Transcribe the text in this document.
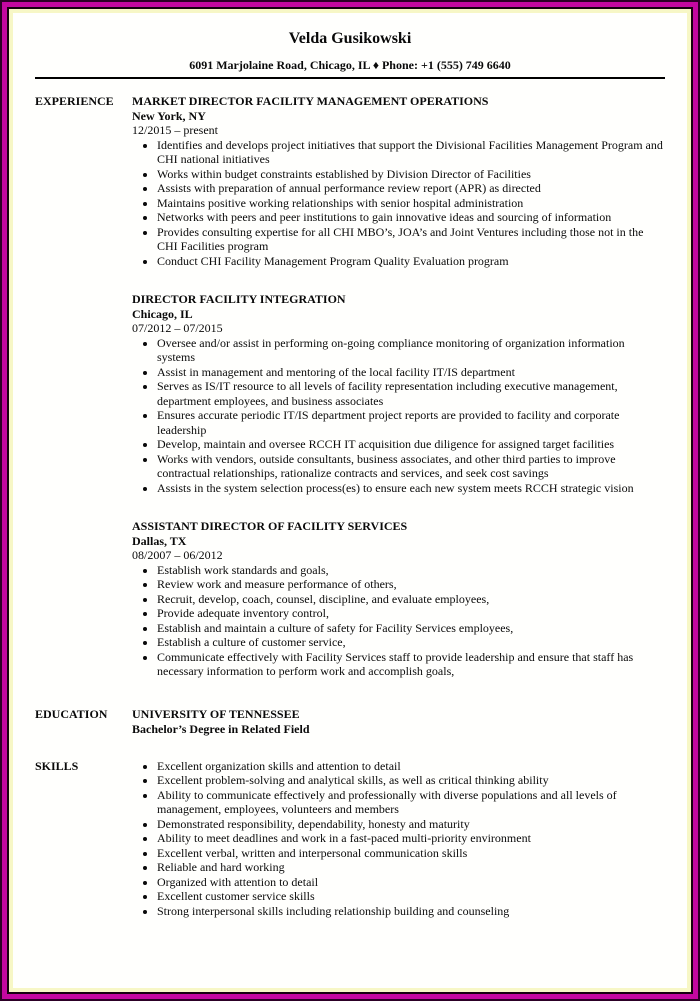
Velda Gusikowski
6091 Marjolaine Road, Chicago, IL ♦ Phone: +1 (555) 749 6640
EXPERIENCE	MARKET DIRECTOR FACILITY MANAGEMENT OPERATIONS
New York, NY
12/2015 – present
• Identifies and develops project initiatives that support the Divisional Facilities Management Program and CHI national initiatives
• Works within budget constraints established by Division Director of Facilities
• Assists with preparation of annual performance review report (APR) as directed
• Maintains positive working relationships with senior hospital administration
• Networks with peers and peer institutions to gain innovative ideas and sourcing of information
• Provides consulting expertise for all CHI MBO’s, JOA’s and Joint Ventures including those not in the CHI Facilities program
• Conduct CHI Facility Management Program Quality Evaluation program
DIRECTOR FACILITY INTEGRATION
Chicago, IL
07/2012 – 07/2015
• Oversee and/or assist in performing on-going compliance monitoring of organization information systems
• Assist in management and mentoring of the local facility IT/IS department
• Serves as IS/IT resource to all levels of facility representation including executive management, department employees, and business associates
• Ensures accurate periodic IT/IS department project reports are provided to facility and corporate leadership
• Develop, maintain and oversee RCCH IT acquisition due diligence for assigned target facilities
• Works with vendors, outside consultants, business associates, and other third parties to improve contractual relationships, rationalize contracts and services, and seek cost savings
• Assists in the system selection process(es) to ensure each new system meets RCCH strategic vision
ASSISTANT DIRECTOR OF FACILITY SERVICES
Dallas, TX
08/2007 – 06/2012
• Establish work standards and goals,
• Review work and measure performance of others,
• Recruit, develop, coach, counsel, discipline, and evaluate employees,
• Provide adequate inventory control,
• Establish and maintain a culture of safety for Facility Services employees,
• Establish a culture of customer service,
• Communicate effectively with Facility Services staff to provide leadership and ensure that staff has necessary information to perform work and accomplish goals,
EDUCATION	UNIVERSITY OF TENNESSEE
Bachelor’s Degree in Related Field
SKILLS	• Excellent organization skills and attention to detail
• Excellent problem-solving and analytical skills, as well as critical thinking ability
• Ability to communicate effectively and professionally with diverse populations and all levels of management, employees, volunteers and members
• Demonstrated responsibility, dependability, honesty and maturity
• Ability to meet deadlines and work in a fast-paced multi-priority environment
• Excellent verbal, written and interpersonal communication skills
• Reliable and hard working
• Organized with attention to detail
• Excellent customer service skills
• Strong interpersonal skills including relationship building and counseling
